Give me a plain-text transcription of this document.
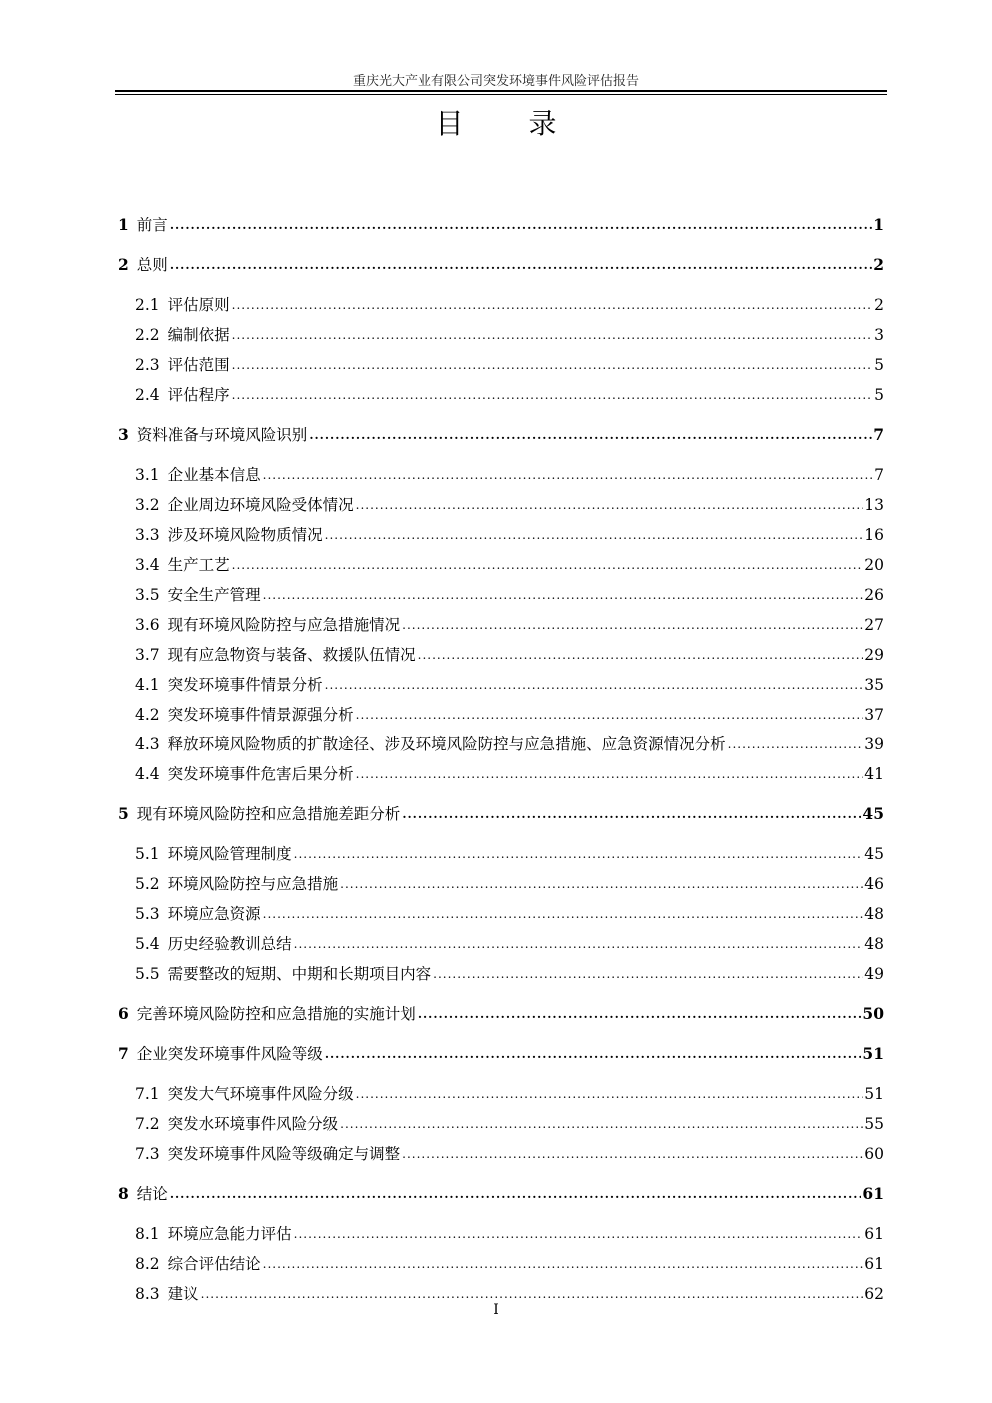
重庆光大产业有限公司突发环境事件风险评估报告
目 录
1 前言 .....	1
2 总则 .....	2
2.1 评估原则 .....	2
2.2 编制依据 .....	3
2.3 评估范围 .....	5
2.4 评估程序 .....	5
3 资料准备与环境风险识别 .....	7
3.1 企业基本信息 .....	7
3.2 企业周边环境风险受体情况 .....	13
3.3 涉及环境风险物质情况 .....	16
3.4 生产工艺 .....	20
3.5 安全生产管理 .....	26
3.6 现有环境风险防控与应急措施情况 .....	27
3.7 现有应急物资与装备、救援队伍情况 .....	29
4.1 突发环境事件情景分析 .....	35
4.2 突发环境事件情景源强分析 .....	37
4.3 释放环境风险物质的扩散途径、涉及环境风险防控与应急措施、应急资源情况分析 .....	39
4.4 突发环境事件危害后果分析 .....	41
5 现有环境风险防控和应急措施差距分析 .....	45
5.1 环境风险管理制度 .....	45
5.2 环境风险防控与应急措施 .....	46
5.3 环境应急资源 .....	48
5.4 历史经验教训总结 .....	48
5.5 需要整改的短期、中期和长期项目内容 .....	49
6 完善环境风险防控和应急措施的实施计划 .....	50
7 企业突发环境事件风险等级 .....	51
7.1 突发大气环境事件风险分级 .....	51
7.2 突发水环境事件风险分级 .....	55
7.3 突发环境事件风险等级确定与调整 .....	60
8 结论 .....	61
8.1 环境应急能力评估 .....	61
8.2 综合评估结论 .....	61
8.3 建议 .....	62
I
